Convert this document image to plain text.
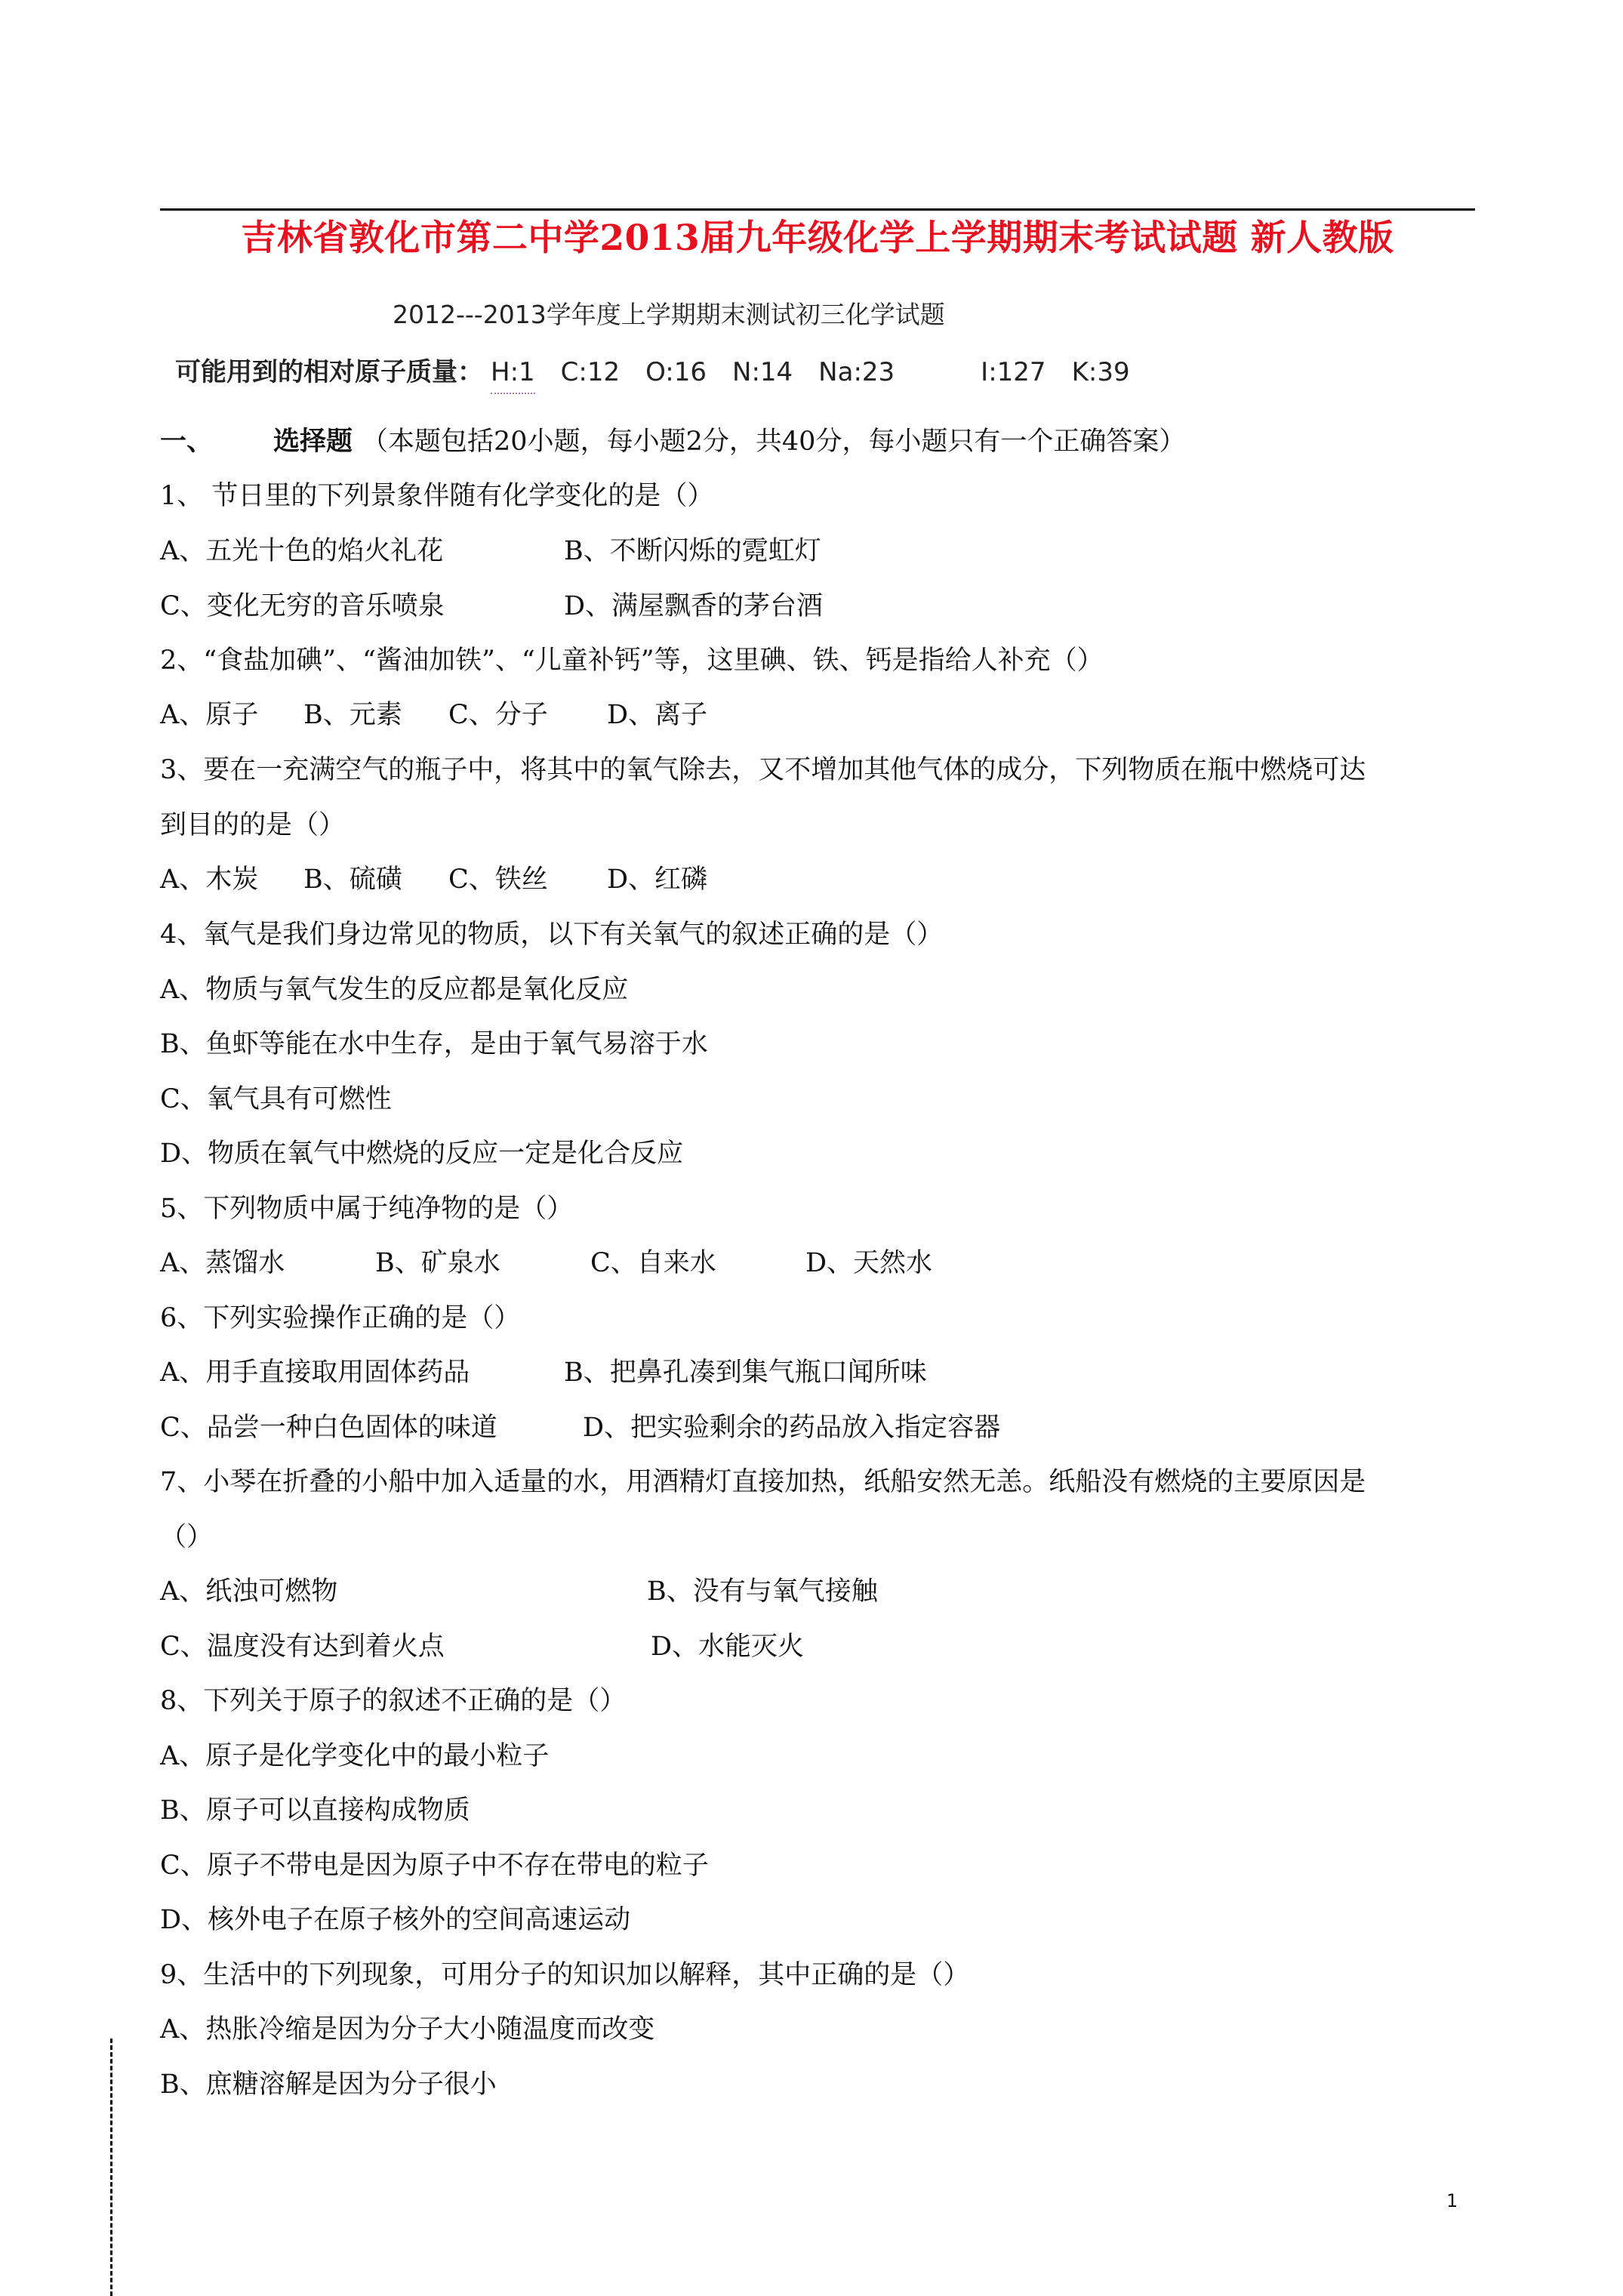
吉林省敦化市第二中学2013届九年级化学上学期期末考试试题 新人教版
2012---2013学年度上学期期末测试初三化学试题
可能用到的相对原子质量： H:1 C:12 O:16 N:14 Na:23	I:127 K:39
一、 选择题 （本题包括20小题，每小题2分，共40分，每小题只有一个正确答案）
1、 节日里的下列景象伴随有化学变化的是（）
A、五光十色的焰火礼花	B、不断闪烁的霓虹灯
C、变化无穷的音乐喷泉	D、满屋飘香的茅台酒
2、“食盐加碘”、“酱油加铁”、“儿童补钙”等，这里碘、铁、钙是指给人补充（）
A、原子 B、元素 C、分子 D、离子
3、要在一充满空气的瓶子中，将其中的氧气除去，又不增加其他气体的成分，下列物质在瓶中燃烧可达
到目的的是（）
A、木炭 B、硫磺 C、铁丝 D、红磷
4、氧气是我们身边常见的物质，以下有关氧气的叙述正确的是（）
A、物质与氧气发生的反应都是氧化反应
B、鱼虾等能在水中生存，是由于氧气易溶于水
C、氧气具有可燃性
D、物质在氧气中燃烧的反应一定是化合反应
5、下列物质中属于纯净物的是（）
A、蒸馏水	B、矿泉水	C、自来水	D、天然水
6、下列实验操作正确的是（）
A、用手直接取用固体药品	B、把鼻孔凑到集气瓶口闻所味
C、品尝一种白色固体的味道	D、把实验剩余的药品放入指定容器
7、小琴在折叠的小船中加入适量的水，用酒精灯直接加热，纸船安然无恙。纸船没有燃烧的主要原因是
（）
A、纸浊可燃物	B、没有与氧气接触
C、温度没有达到着火点	D、水能灭火
8、下列关于原子的叙述不正确的是（）
A、原子是化学变化中的最小粒子
B、原子可以直接构成物质
C、原子不带电是因为原子中不存在带电的粒子
D、核外电子在原子核外的空间高速运动
9、生活中的下列现象，可用分子的知识加以解释，其中正确的是（）
A、热胀冷缩是因为分子大小随温度而改变
B、庶糖溶解是因为分子很小
1
